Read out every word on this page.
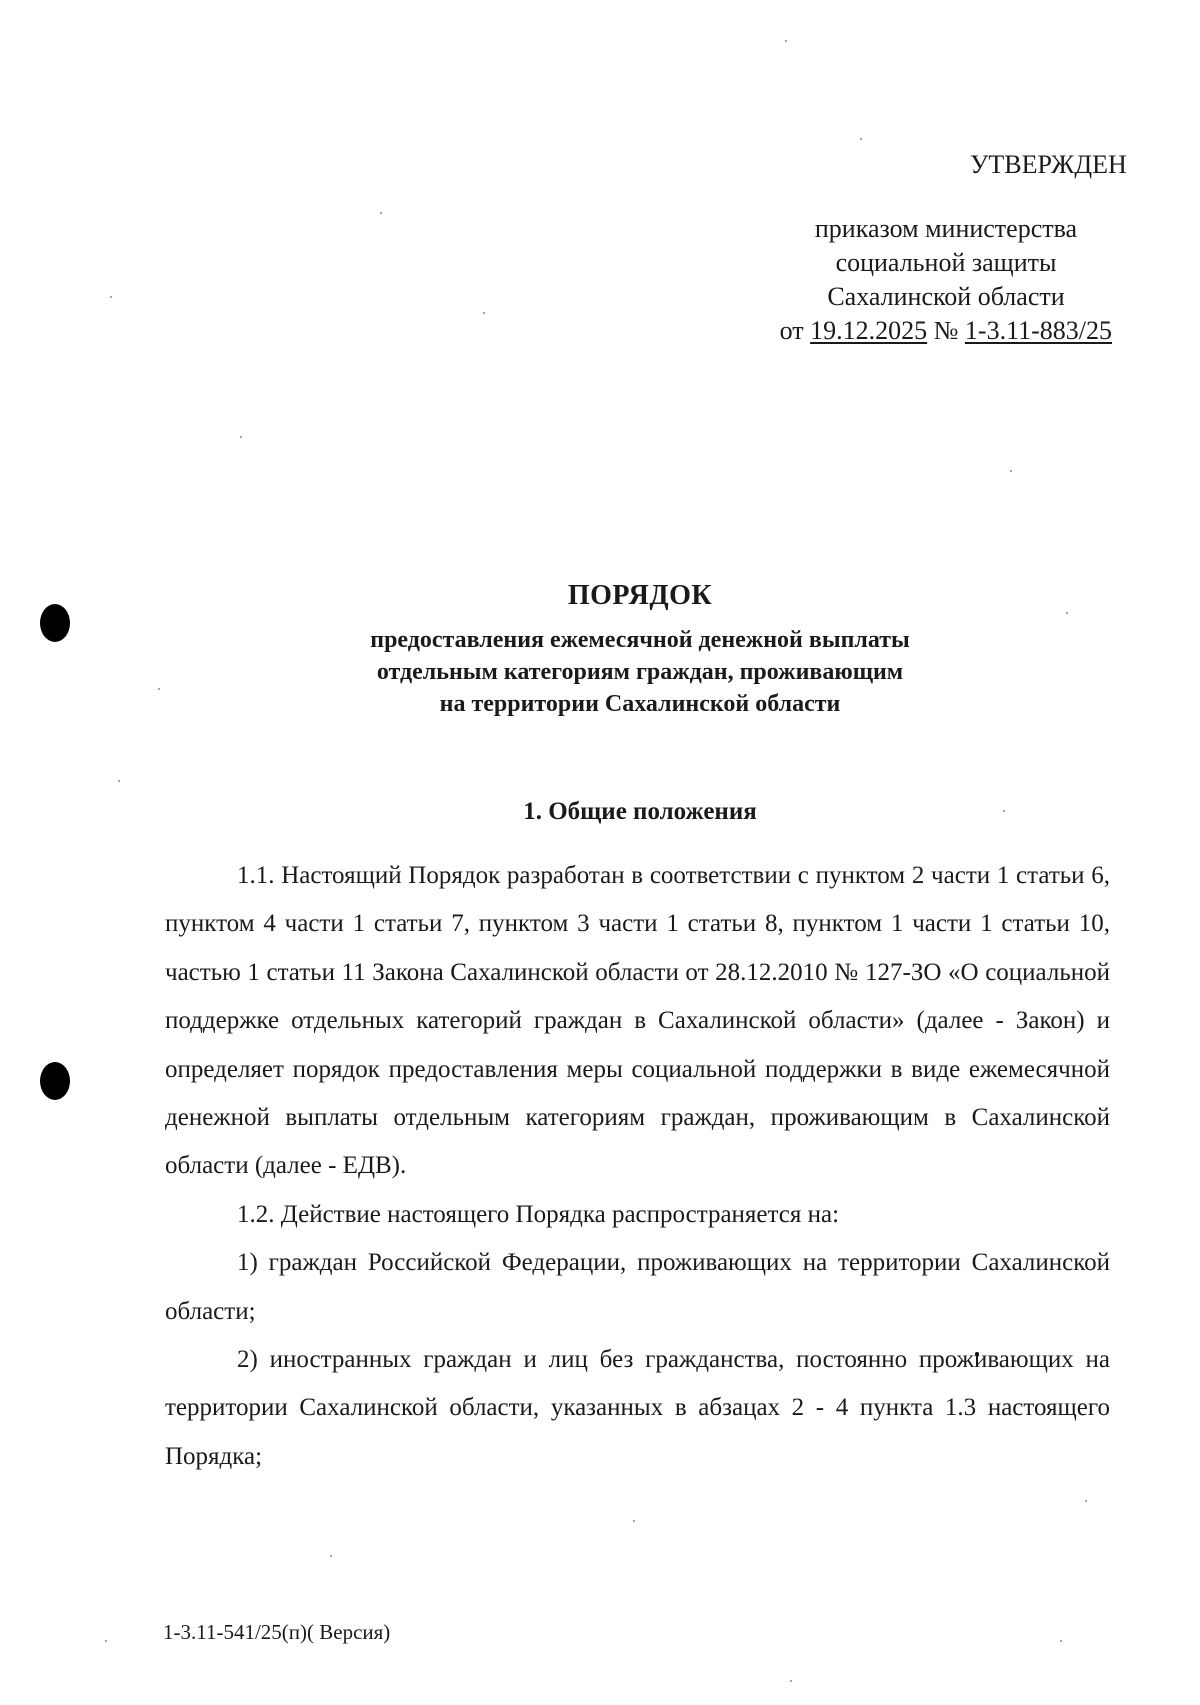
УТВЕРЖДЕН
приказом министерства
социальной защиты
Сахалинской области
от 19.12.2025 № 1-3.11-883/25
ПОРЯДОК
предоставления ежемесячной денежной выплаты
отдельным категориям граждан, проживающим
на территории Сахалинской области
1. Общие положения

1.1. Настоящий Порядок разработан в соответствии с пунктом 2 части 1 статьи 6, пунктом 4 части 1 статьи 7, пунктом 3 части 1 статьи 8, пунктом 1 части 1 статьи 10, частью 1 статьи 11 Закона Сахалинской области от 28.12.2010 № 127-ЗО «О социальной поддержке отдельных категорий граждан в Сахалинской области» (далее - Закон) и определяет порядок предоставления меры социальной поддержки в виде ежемесячной денежной выплаты отдельным категориям граждан, проживающим в Сахалинской области (далее - ЕДВ).

1.2. Действие настоящего Порядка распространяется на:

1) граждан Российской Федерации, проживающих на территории Сахалинской области;

2) иностранных граждан и лиц без гражданства, постоянно проживающих на территории Сахалинской области, указанных в абзацах 2 - 4 пункта 1.3 настоящего Порядка;

1-3.11-541/25(п)( Версия)
